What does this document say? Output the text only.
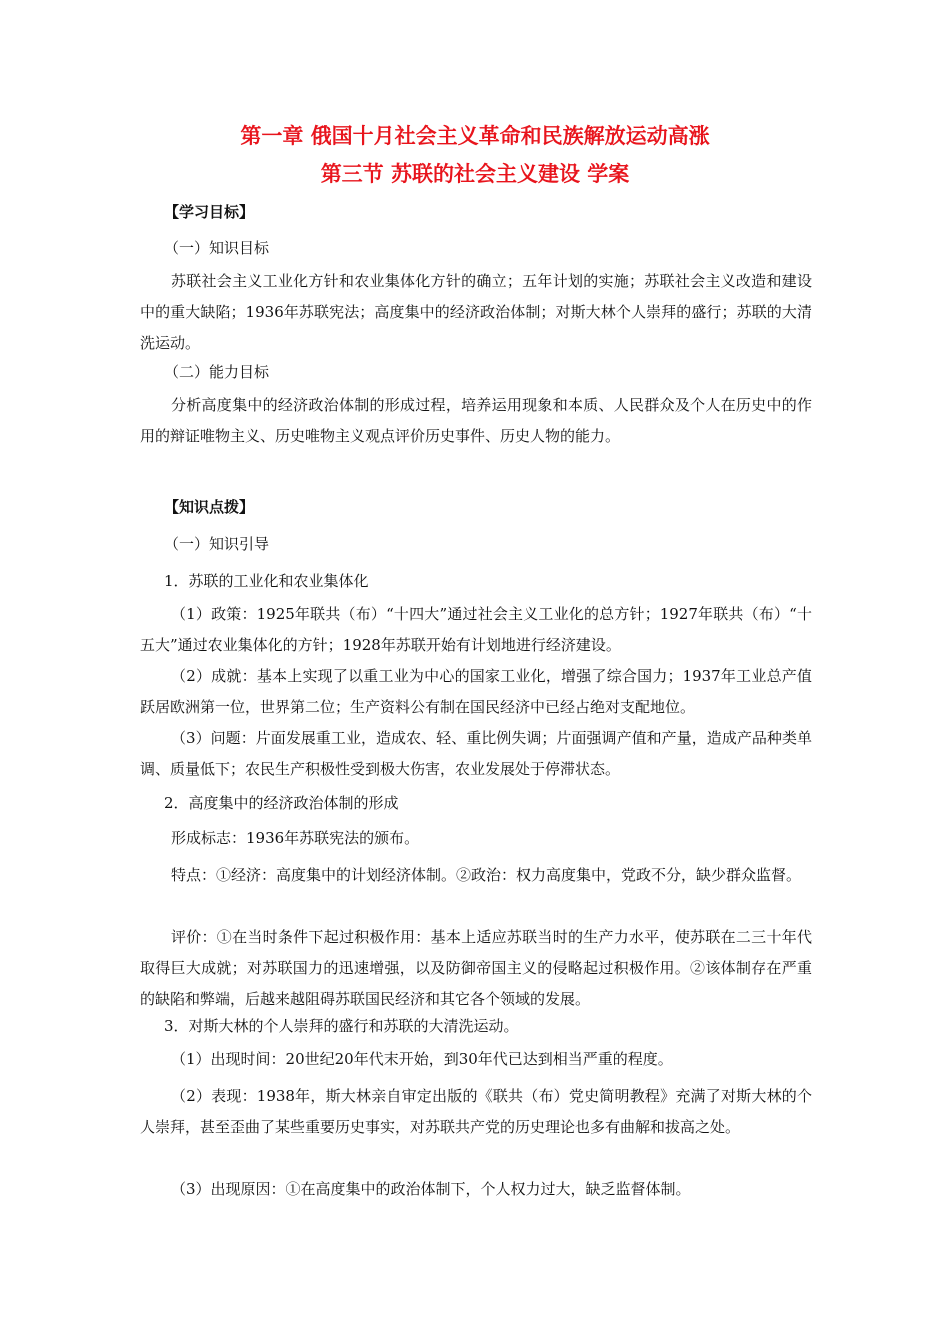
第一章 俄国十月社会主义革命和民族解放运动高涨
第三节 苏联的社会主义建设 学案
【学习目标】
（一）知识目标
苏联社会主义工业化方针和农业集体化方针的确立；五年计划的实施；苏联社会主义改造和建设中的重大缺陷；1936年苏联宪法；高度集中的经济政治体制；对斯大林个人崇拜的盛行；苏联的大清洗运动。
（二）能力目标
分析高度集中的经济政治体制的形成过程，培养运用现象和本质、人民群众及个人在历史中的作用的辩证唯物主义、历史唯物主义观点评价历史事件、历史人物的能力。
【知识点拨】
（一）知识引导
1．苏联的工业化和农业集体化
（1）政策：1925年联共（布）“十四大”通过社会主义工业化的总方针；1927年联共（布）“十五大”通过农业集体化的方针；1928年苏联开始有计划地进行经济建设。
（2）成就：基本上实现了以重工业为中心的国家工业化，增强了综合国力；1937年工业总产值跃居欧洲第一位，世界第二位；生产资料公有制在国民经济中已经占绝对支配地位。
（3）问题：片面发展重工业，造成农、轻、重比例失调；片面强调产值和产量，造成产品种类单调、质量低下；农民生产积极性受到极大伤害，农业发展处于停滞状态。
2．高度集中的经济政治体制的形成
形成标志：1936年苏联宪法的颁布。
特点：①经济：高度集中的计划经济体制。②政治：权力高度集中，党政不分，缺少群众监督。
评价：①在当时条件下起过积极作用：基本上适应苏联当时的生产力水平，使苏联在二三十年代取得巨大成就；对苏联国力的迅速增强，以及防御帝国主义的侵略起过积极作用。②该体制存在严重的缺陷和弊端，后越来越阻碍苏联国民经济和其它各个领域的发展。
3．对斯大林的个人崇拜的盛行和苏联的大清洗运动。
（1）出现时间：20世纪20年代末开始，到30年代已达到相当严重的程度。
（2）表现：1938年，斯大林亲自审定出版的《联共（布）党史简明教程》充满了对斯大林的个人崇拜，甚至歪曲了某些重要历史事实，对苏联共产党的历史理论也多有曲解和拔高之处。
（3）出现原因：①在高度集中的政治体制下，个人权力过大，缺乏监督体制。
